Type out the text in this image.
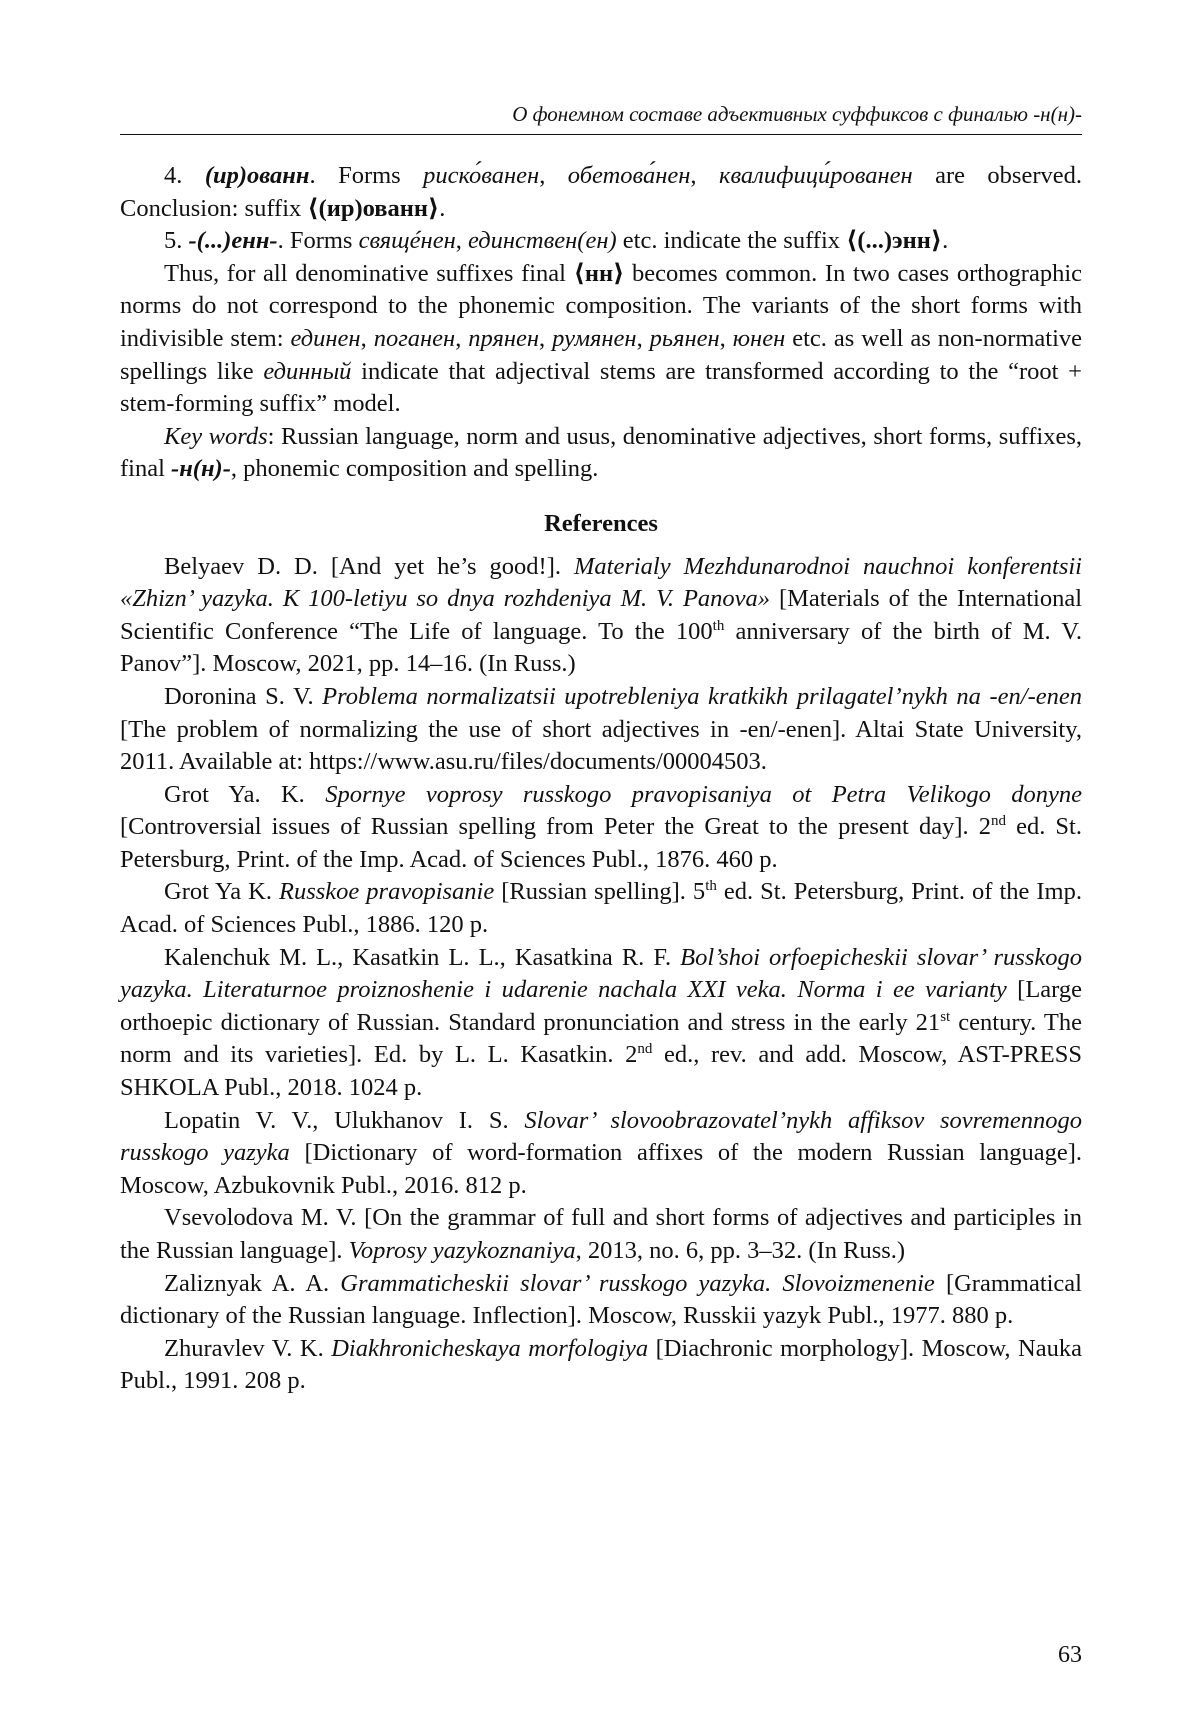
О фонемном составе адъективных суффиксов с финалью -н(н)-

4. (ир)ованн. Forms риско́ванен, обетова́нен, квалифици́рованен are observed. Conclusion: suffix ⟨(ир)ованн⟩.

5. -(...)енн-. Forms свящéнен, единствен(ен) etc. indicate the suffix ⟨(...)энн⟩.

Thus, for all denominative suffixes final ⟨нн⟩ becomes common. In two cases orthographic norms do not correspond to the phonemic composition. The variants of the short forms with indivisible stem: единен, поганен, прянен, румянен, рьянен, юнен etc. as well as non-normative spellings like единный indicate that adjectival stems are transformed according to the “root + stem-forming suffix” model.

Key words: Russian language, norm and usus, denominative adjectives, short forms, suffixes, final -н(н)-, phonemic composition and spelling.

References

Belyaev D. D. [And yet he’s good!]. Materialy Mezhdunarodnoi nauchnoi konferentsii «Zhizn’ yazyka. K 100-letiyu so dnya rozhdeniya M. V. Panova» [Materials of the International Scientific Conference “The Life of language. To the 100th anniversary of the birth of M. V. Panov”]. Moscow, 2021, pp. 14–16. (In Russ.)

Doronina S. V. Problema normalizatsii upotrebleniya kratkikh prilagatel’nykh na -en/-enen [The problem of normalizing the use of short adjectives in -en/-enen]. Altai State University, 2011. Available at: https://www.asu.ru/files/documents/00004503.

Grot Ya. K. Spornye voprosy russkogo pravopisaniya ot Petra Velikogo donyne [Controversial issues of Russian spelling from Peter the Great to the present day]. 2nd ed. St. Petersburg, Print. of the Imp. Acad. of Sciences Publ., 1876. 460 p.

Grot Ya K. Russkoe pravopisanie [Russian spelling]. 5th ed. St. Petersburg, Print. of the Imp. Acad. of Sciences Publ., 1886. 120 p.

Kalenchuk M. L., Kasatkin L. L., Kasatkina R. F. Bol’shoi orfoepicheskii slovar’ russkogo yazyka. Literaturnoe proiznoshenie i udarenie nachala XXI veka. Norma i ee varianty [Large orthoepic dictionary of Russian. Standard pronunciation and stress in the early 21st century. The norm and its varieties]. Ed. by L. L. Kasatkin. 2nd ed., rev. and add. Moscow, AST-PRESS SHKOLA Publ., 2018. 1024 p.

Lopatin V. V., Ulukhanov I. S. Slovar’ slovoobrazovatel’nykh affiksov sovremennogo russkogo yazyka [Dictionary of word-formation affixes of the modern Russian language]. Moscow, Azbukovnik Publ., 2016. 812 p.

Vsevolodova M. V. [On the grammar of full and short forms of adjectives and participles in the Russian language]. Voprosy yazykoznaniya, 2013, no. 6, pp. 3–32. (In Russ.)

Zaliznyak A. A. Grammaticheskii slovar’ russkogo yazyka. Slovoizmenenie [Grammatical dictionary of the Russian language. Inflection]. Moscow, Russkii yazyk Publ., 1977. 880 p.

Zhuravlev V. K. Diakhronicheskaya morfologiya [Diachronic morphology]. Moscow, Nauka Publ., 1991. 208 p.

63
